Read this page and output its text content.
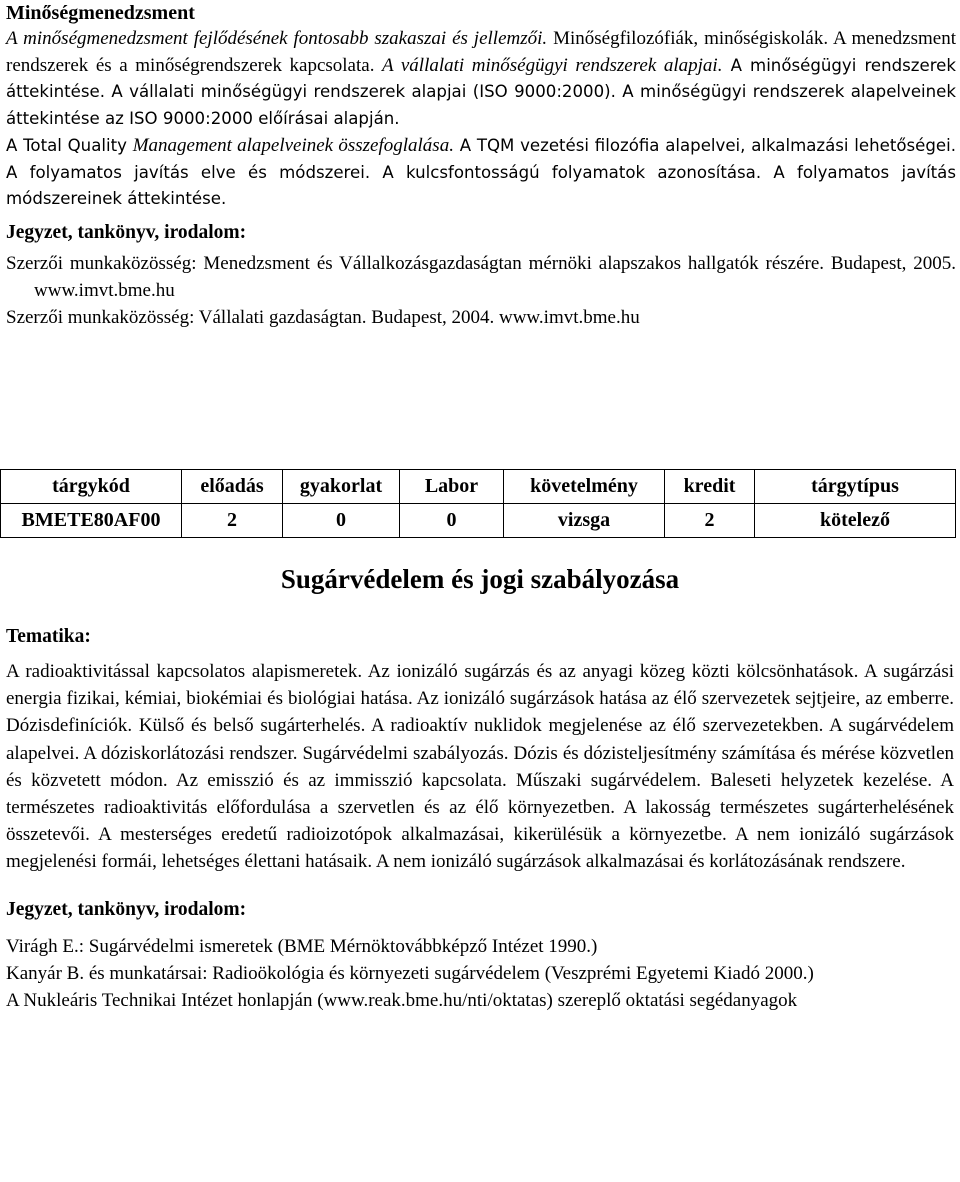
Minőségmenedzsment

A minőségmenedzsment fejlődésének fontosabb szakaszai és jellemzői. Minőségfilozófiák, minőségiskolák. A menedzsment rendszerek és a minőségrendszerek kapcsolata. A vállalati minőségügyi rendszerek alapjai. A minőségügyi rendszerek áttekintése. A vállalati minőségügyi rendszerek alapjai (ISO 9000:2000). A minőségügyi rendszerek alapelveinek áttekintése az ISO 9000:2000 előírásai alapján.

A Total Quality Management alapelveinek összefoglalása. A TQM vezetési filozófia alapelvei, alkalmazási lehetőségei. A folyamatos javítás elve és módszerei. A kulcsfontosságú folyamatok azonosítása. A folyamatos javítás módszereinek áttekintése.

Jegyzet, tankönyv, irodalom:

Szerzői munkaközösség: Menedzsment és Vállalkozásgazdaságtan mérnöki alapszakos hallgatók részére. Budapest, 2005. www.imvt.bme.hu

Szerzői munkaközösség: Vállalati gazdaságtan. Budapest, 2004. www.imvt.bme.hu

tárgykód	előadás	gyakorlat	Labor	követelmény	kredit	tárgytípus
BMETE80AF00	2	0	0	vizsga	2	kötelező
Sugárvédelem és jogi szabályozása
Tematika:

A radioaktivitással kapcsolatos alapismeretek. Az ionizáló sugárzás és az anyagi közeg közti kölcsönhatások. A sugárzási energia fizikai, kémiai, biokémiai és biológiai hatása. Az ionizáló sugárzások hatása az élő szervezetek sejtjeire, az emberre. Dózisdefiníciók. Külső és belső sugárterhelés. A radioaktív nuklidok megjelenése az élő szervezetekben. A sugárvédelem alapelvei. A dóziskorlátozási rendszer. Sugárvédelmi szabályozás. Dózis és dózisteljesítmény számítása és mérése közvetlen és közvetett módon. Az emisszió és az immisszió kapcsolata. Műszaki sugárvédelem. Baleseti helyzetek kezelése. A természetes radioaktivitás előfordulása a szervetlen és az élő környezetben. A lakosság természetes sugárterhelésének összetevői. A mesterséges eredetű radioizotópok alkalmazásai, kikerülésük a környezetbe. A nem ionizáló sugárzások megjelenési formái, lehetséges élettani hatásaik. A nem ionizáló sugárzások alkalmazásai és korlátozásának rendszere.

Jegyzet, tankönyv, irodalom:

Virágh E.: Sugárvédelmi ismeretek (BME Mérnöktovábbképző Intézet 1990.)

Kanyár B. és munkatársai: Radioökológia és környezeti sugárvédelem (Veszprémi Egyetemi Kiadó 2000.)

A Nukleáris Technikai Intézet honlapján (www.reak.bme.hu/nti/oktatas) szereplő oktatási segédanyagok
